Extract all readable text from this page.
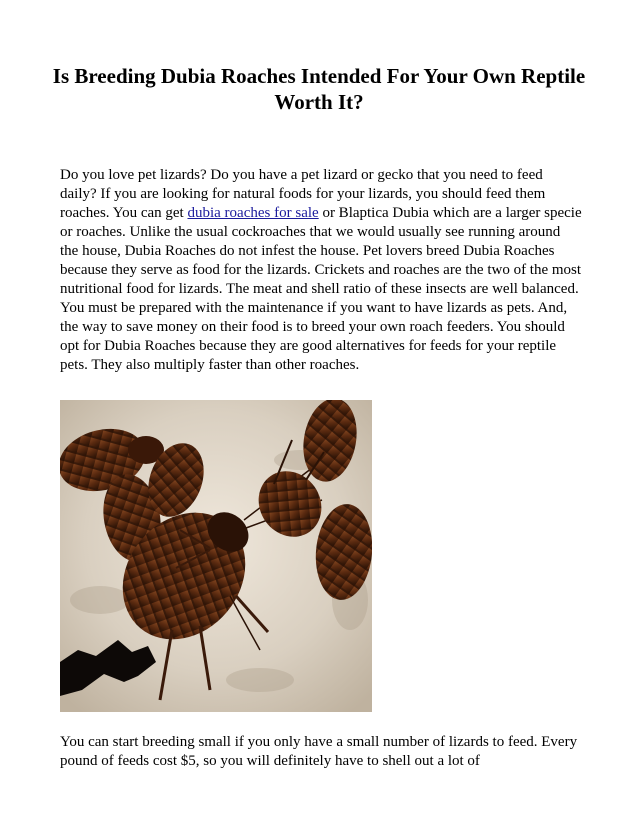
Is Breeding Dubia Roaches Intended For Your Own Reptile Worth It?

Do you love pet lizards? Do you have a pet lizard or gecko that you need to feed daily? If you are looking for natural foods for your lizards, you should feed them roaches. You can get dubia roaches for sale or Blaptica Dubia which are a larger specie or roaches. Unlike the usual cockroaches that we would usually see running around the house, Dubia Roaches do not infest the house. Pet lovers breed Dubia Roaches because they serve as food for the lizards. Crickets and roaches are the two of the most nutritional food for lizards. The meat and shell ratio of these insects are well balanced. You must be prepared with the maintenance if you want to have lizards as pets. And, the way to save money on their food is to breed your own roach feeders. You should opt for Dubia Roaches because they are good alternatives for feeds for your reptile pets. They also multiply faster than other roaches.

You can start breeding small if you only have a small number of lizards to feed. Every pound of feeds cost $5, so you will definitely have to shell out a lot of
